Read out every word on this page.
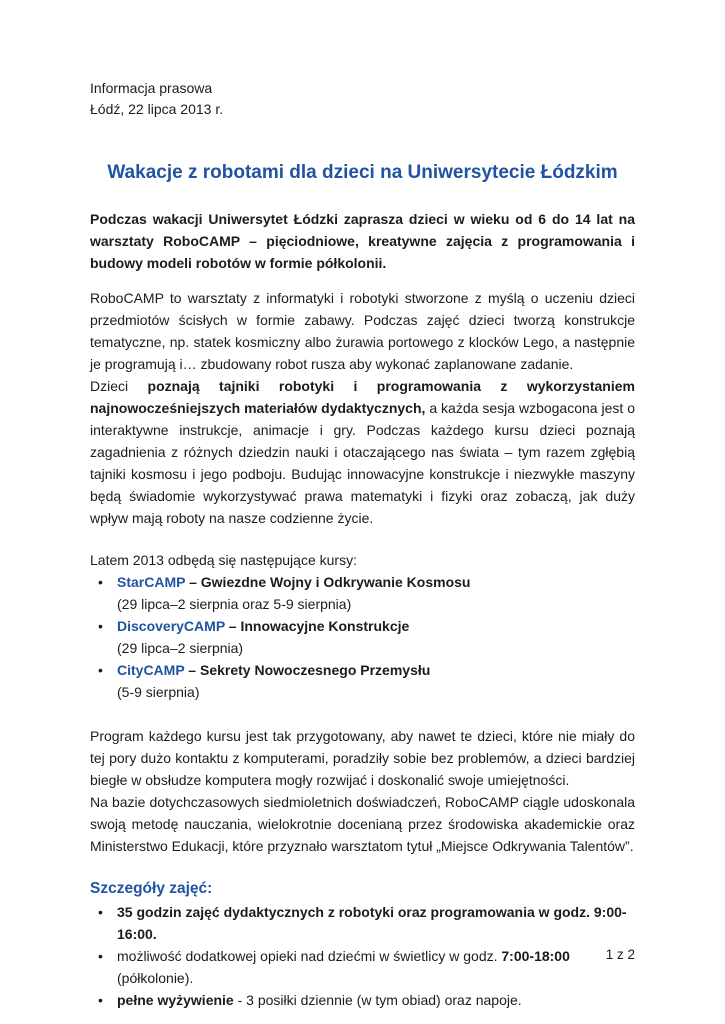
Informacja prasowa

Łódź, 22 lipca 2013 r.

Wakacje z robotami dla dzieci na Uniwersytecie Łódzkim

Podczas wakacji Uniwersytet Łódzki zaprasza dzieci w wieku od 6 do 14 lat na warsztaty RoboCAMP – pięciodniowe, kreatywne zajęcia z programowania i budowy modeli robotów w formie półkolonii.

RoboCAMP to warsztaty z informatyki i robotyki stworzone z myślą o uczeniu dzieci przedmiotów ścisłych w formie zabawy. Podczas zajęć dzieci tworzą konstrukcje tematyczne, np. statek kosmiczny albo żurawia portowego z klocków Lego, a następnie je programują i… zbudowany robot rusza aby wykonać zaplanowane zadanie.

Dzieci poznają tajniki robotyki i programowania z wykorzystaniem najnowocześniejszych materiałów dydaktycznych, a każda sesja wzbogacona jest o interaktywne instrukcje, animacje i gry. Podczas każdego kursu dzieci poznają zagadnienia z różnych dziedzin nauki i otaczającego nas świata – tym razem zgłębią tajniki kosmosu i jego podboju. Budując innowacyjne konstrukcje i niezwykłe maszyny będą świadomie wykorzystywać prawa matematyki i fizyki oraz zobaczą, jak duży wpływ mają roboty na nasze codzienne życie.

Latem 2013 odbędą się następujące kursy:

• StarCAMP – Gwiezdne Wojny i Odkrywanie Kosmosu
(29 lipca–2 sierpnia oraz 5-9 sierpnia)
• DiscoveryCAMP – Innowacyjne Konstrukcje
(29 lipca–2 sierpnia)
• CityCAMP – Sekrety Nowoczesnego Przemysłu
(5-9 sierpnia)

Program każdego kursu jest tak przygotowany, aby nawet te dzieci, które nie miały do tej pory dużo kontaktu z komputerami, poradziły sobie bez problemów, a dzieci bardziej biegłe w obsłudze komputera mogły rozwijać i doskonalić swoje umiejętności.

Na bazie dotychczasowych siedmioletnich doświadczeń, RoboCAMP ciągle udoskonala swoją metodę nauczania, wielokrotnie docenianą przez środowiska akademickie oraz Ministerstwo Edukacji, które przyznało warsztatom tytuł „Miejsce Odkrywania Talentów”.

Szczegóły zajęć:
• 35 godzin zajęć dydaktycznych z robotyki oraz programowania w godz. 9:00-16:00.
• możliwość dodatkowej opieki nad dziećmi w świetlicy w godz. 7:00-18:00 (półkolonie).
• pełne wyżywienie - 3 posiłki dziennie (w tym obiad) oraz napoje.
1 z 2
